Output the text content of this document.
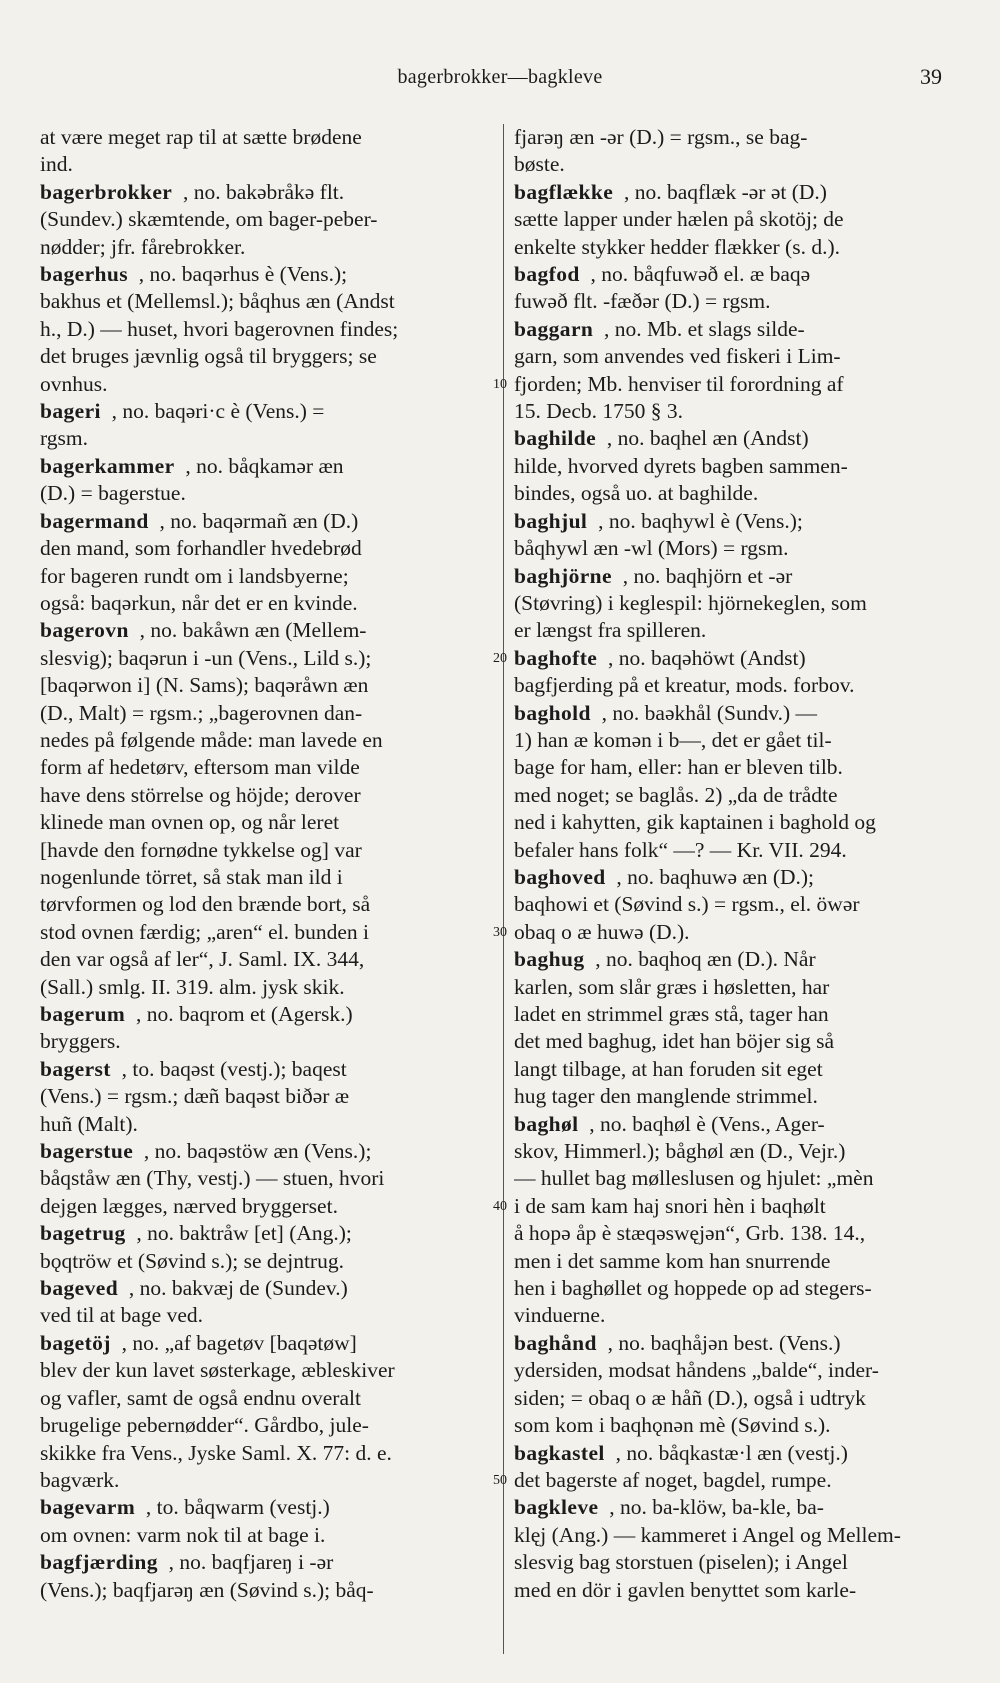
bagerbrokker—bagkleve	39
at være meget rap til at sætte brødene
ind.
bagerbrokker , no. bakəbråkə flt.
(Sundev.) skæmtende, om bager-peber-
nødder; jfr. fårebrokker.
bagerhus , no. baqərhus è (Vens.);
bakhus et (Mellemsl.); båqhus æn (Andst
h., D.) — huset, hvori bagerovnen findes;
det bruges jævnlig også til bryggers; se
ovnhus.
bageri , no. baqəri·c è (Vens.) =
rgsm.
bagerkammer , no. båqkamər æn
(D.) = bagerstue.
bagermand , no. baqərmañ æn (D.)
den mand, som forhandler hvedebrød
for bageren rundt om i landsbyerne;
også: baqərkun, når det er en kvinde.
bagerovn , no. bakåwn æn (Mellem-
slesvig); baqərun i -un (Vens., Lild s.);
[baqərwon i] (N. Sams); baqəråwn æn
(D., Malt) = rgsm.; „bagerovnen dan-
nedes på følgende måde: man lavede en
form af hedetørv, eftersom man vilde
have dens störrelse og höjde; derover
klinede man ovnen op, og når leret
[havde den fornødne tykkelse og] var
nogenlunde törret, så stak man ild i
tørvformen og lod den brænde bort, så
stod ovnen færdig; „aren“ el. bunden i
den var også af ler“, J. Saml. IX. 344,
(Sall.) smlg. II. 319. alm. jysk skik.
bagerum , no. baqrom et (Agersk.)
bryggers.
bagerst , to. baqəst (vestj.); baqest
(Vens.) = rgsm.; dæñ baqəst biðər æ
huñ (Malt).
bagerstue , no. baqəstöw æn (Vens.);
båqståw æn (Thy, vestj.) — stuen, hvori
dejgen lægges, nærved bryggerset.
bagetrug , no. baktråw [et] (Ang.);
bǫqtröw et (Søvind s.); se dejntrug.
bageved , no. bakvæj de (Sundev.)
ved til at bage ved.
bagetöj , no. „af bagetøv [baqətøw]
blev der kun lavet søsterkage, æbleskiver
og vafler, samt de også endnu overalt
brugelige pebernødder“. Gårdbo, jule-
skikke fra Vens., Jyske Saml. X. 77: d. e.
bagværk.
bagevarm , to. båqwarm (vestj.)
om ovnen: varm nok til at bage i.
bagfjærding , no. baqfjareŋ i -ər
(Vens.); baqfjarəŋ æn (Søvind s.); båq-
fjarəŋ æn -ər (D.) = rgsm., se bag-
bøste.
bagflække , no. baqflæk -ər ət (D.)
sætte lapper under hælen på skotöj; de
enkelte stykker hedder flækker (s. d.).
bagfod , no. båqfuwəð el. æ baqə
fuwəð flt. -fæðər (D.) = rgsm.
baggarn , no. Mb. et slags silde-
garn, som anvendes ved fiskeri i Lim-
fjorden; Mb. henviser til forordning af
15. Decb. 1750 § 3.
baghilde , no. baqhel æn (Andst)
hilde, hvorved dyrets bagben sammen-
bindes, også uo. at baghilde.
baghjul , no. baqhywl è (Vens.);
båqhywl æn -wl (Mors) = rgsm.
baghjörne , no. baqhjörn et -ər
(Støvring) i keglespil: hjörnekeglen, som
er længst fra spilleren.
baghofte , no. baqəhöwt (Andst)
bagfjerding på et kreatur, mods. forbov.
baghold , no. baəkhål (Sundv.) —
1) han æ komən i b—, det er gået til-
bage for ham, eller: han er bleven tilb.
med noget; se baglås. 2) „da de trådte
ned i kahytten, gik kaptainen i baghold og
befaler hans folk“ —? — Kr. VII. 294.
baghoved , no. baqhuwə æn (D.);
baqhowi et (Søvind s.) = rgsm., el. öwər
obaq o æ huwə (D.).
baghug , no. baqhoq æn (D.). Når
karlen, som slår græs i høsletten, har
ladet en strimmel græs stå, tager han
det med baghug, idet han böjer sig så
langt tilbage, at han foruden sit eget
hug tager den manglende strimmel.
baghøl , no. baqhøl è (Vens., Ager-
skov, Himmerl.); båghøl æn (D., Vejr.)
— hullet bag mølleslusen og hjulet: „mèn
i de sam kam haj snori hèn i baqhølt
å hopə åp è stæqəswęjən“, Grb. 138. 14.,
men i det samme kom han snurrende
hen i baghøllet og hoppede op ad stegers-
vinduerne.
baghånd , no. baqhåjən best. (Vens.)
ydersiden, modsat håndens „balde“, inder-
siden; = obaq o æ håñ (D.), også i udtryk
som kom i baqhǫnən mè (Søvind s.).
bagkastel , no. båqkastæ·l æn (vestj.)
det bagerste af noget, bagdel, rumpe.
bagkleve , no. ba-klöw, ba-kle, ba-
klęj (Ang.) — kammeret i Angel og Mellem-
slesvig bag storstuen (piselen); i Angel
med en dör i gavlen benyttet som karle-
10
20
30
40
50
